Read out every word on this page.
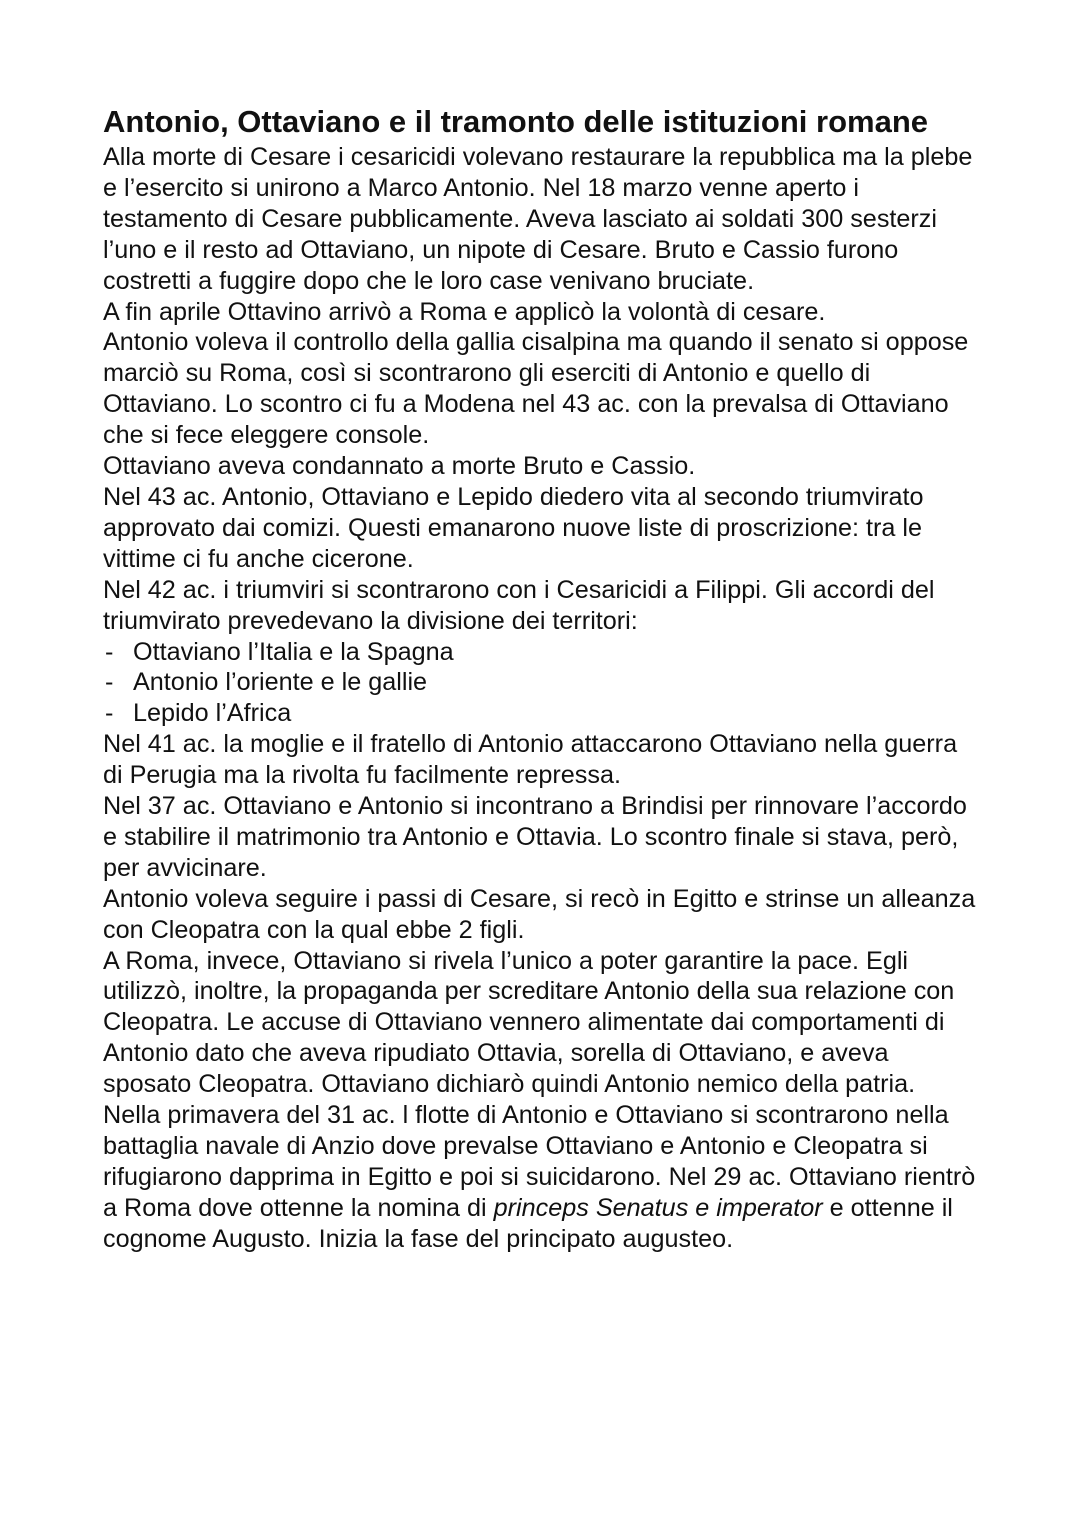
Antonio, Ottaviano e il tramonto delle istituzioni romane

Alla morte di Cesare i cesaricidi volevano restaurare la repubblica ma la plebe e l’esercito si unirono a Marco Antonio. Nel 18 marzo venne aperto i testamento di Cesare pubblicamente. Aveva lasciato ai soldati 300 sesterzi l’uno e il resto ad Ottaviano, un nipote di Cesare. Bruto e Cassio furono costretti a fuggire dopo che le loro case venivano bruciate.

A fin aprile Ottavino arrivò a Roma e applicò la volontà di cesare.

Antonio voleva il controllo della gallia cisalpina ma quando il senato si oppose marciò su Roma, così si scontrarono gli eserciti di Antonio e quello di Ottaviano. Lo scontro ci fu a Modena nel 43 ac. con la prevalsa di Ottaviano che si fece eleggere console.

Ottaviano aveva condannato a morte Bruto e Cassio.

Nel 43 ac. Antonio, Ottaviano e Lepido diedero vita al secondo triumvirato approvato dai comizi. Questi emanarono nuove liste di proscrizione: tra le vittime ci fu anche cicerone.

Nel 42 ac. i triumviri si scontrarono con i Cesaricidi a Filippi. Gli accordi del triumvirato prevedevano la divisione dei territori:

- Ottaviano l’Italia e la Spagna
- Antonio l’oriente e le gallie
- Lepido l’Africa

Nel 41 ac. la moglie e il fratello di Antonio attaccarono Ottaviano nella guerra di Perugia ma la rivolta fu facilmente repressa.

Nel 37 ac. Ottaviano e Antonio si incontrano a Brindisi per rinnovare l’accordo e stabilire il matrimonio tra Antonio e Ottavia. Lo scontro finale si stava, però, per avvicinare.

Antonio voleva seguire i passi di Cesare, si recò in Egitto e strinse un alleanza con Cleopatra con la qual ebbe 2 figli.

A Roma, invece, Ottaviano si rivela l’unico a poter garantire la pace. Egli utilizzò, inoltre, la propaganda per screditare Antonio della sua relazione con Cleopatra. Le accuse di Ottaviano vennero alimentate dai comportamenti di Antonio dato che aveva ripudiato Ottavia, sorella di Ottaviano, e aveva sposato Cleopatra. Ottaviano dichiarò quindi Antonio nemico della patria.

Nella primavera del 31 ac. l flotte di Antonio e Ottaviano si scontrarono nella battaglia navale di Anzio dove prevalse Ottaviano e Antonio e Cleopatra si rifugiarono dapprima in Egitto e poi si suicidarono. Nel 29 ac. Ottaviano rientrò a Roma dove ottenne la nomina di princeps Senatus e imperator e ottenne il cognome Augusto. Inizia la fase del principato augusteo.
